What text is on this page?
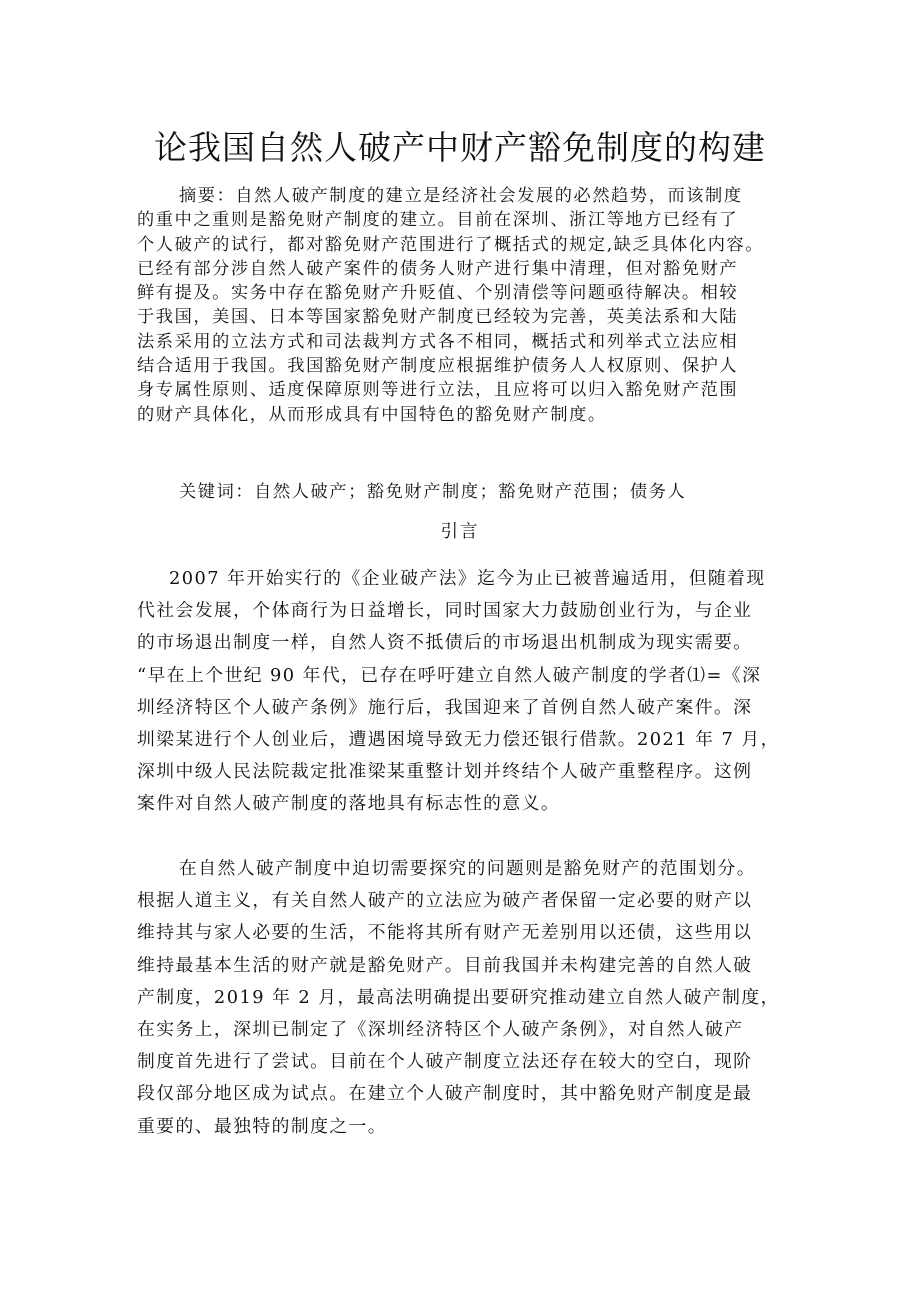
论我国自然人破产中财产豁免制度的构建
摘要：自然人破产制度的建立是经济社会发展的必然趋势，而该制度
的重中之重则是豁免财产制度的建立。目前在深圳、浙江等地方已经有了
个人破产的试行，都对豁免财产范围进行了概括式的规定,缺乏具体化内容。
已经有部分涉自然人破产案件的债务人财产进行集中清理，但对豁免财产
鲜有提及。实务中存在豁免财产升贬值、个别清偿等问题亟待解决。相较
于我国，美国、日本等国家豁免财产制度已经较为完善，英美法系和大陆
法系采用的立法方式和司法裁判方式各不相同，概括式和列举式立法应相
结合适用于我国。我国豁免财产制度应根据维护债务人人权原则、保护人
身专属性原则、适度保障原则等进行立法，且应将可以归入豁免财产范围
的财产具体化，从而形成具有中国特色的豁免财产制度。
关键词：自然人破产；豁免财产制度；豁免财产范围；债务人
引言
2007 年开始实行的《企业破产法》迄今为止已被普遍适用，但随着现
代社会发展，个体商行为日益增长，同时国家大力鼓励创业行为，与企业
的市场退出制度一样，自然人资不抵债后的市场退出机制成为现实需要。
“早在上个世纪 90 年代，已存在呼吁建立自然人破产制度的学者⑴=《深
圳经济特区个人破产条例》施行后，我国迎来了首例自然人破产案件。深
圳梁某进行个人创业后，遭遇困境导致无力偿还银行借款。2021 年 7 月，
深圳中级人民法院裁定批准梁某重整计划并终结个人破产重整程序。这例
案件对自然人破产制度的落地具有标志性的意义。
在自然人破产制度中迫切需要探究的问题则是豁免财产的范围划分。
根据人道主义，有关自然人破产的立法应为破产者保留一定必要的财产以
维持其与家人必要的生活，不能将其所有财产无差别用以还债，这些用以
维持最基本生活的财产就是豁免财产。目前我国并未构建完善的自然人破
产制度，2019 年 2 月，最高法明确提出要研究推动建立自然人破产制度，
在实务上，深圳已制定了《深圳经济特区个人破产条例》，对自然人破产
制度首先进行了尝试。目前在个人破产制度立法还存在较大的空白，现阶
段仅部分地区成为试点。在建立个人破产制度时，其中豁免财产制度是最
重要的、最独特的制度之一。
